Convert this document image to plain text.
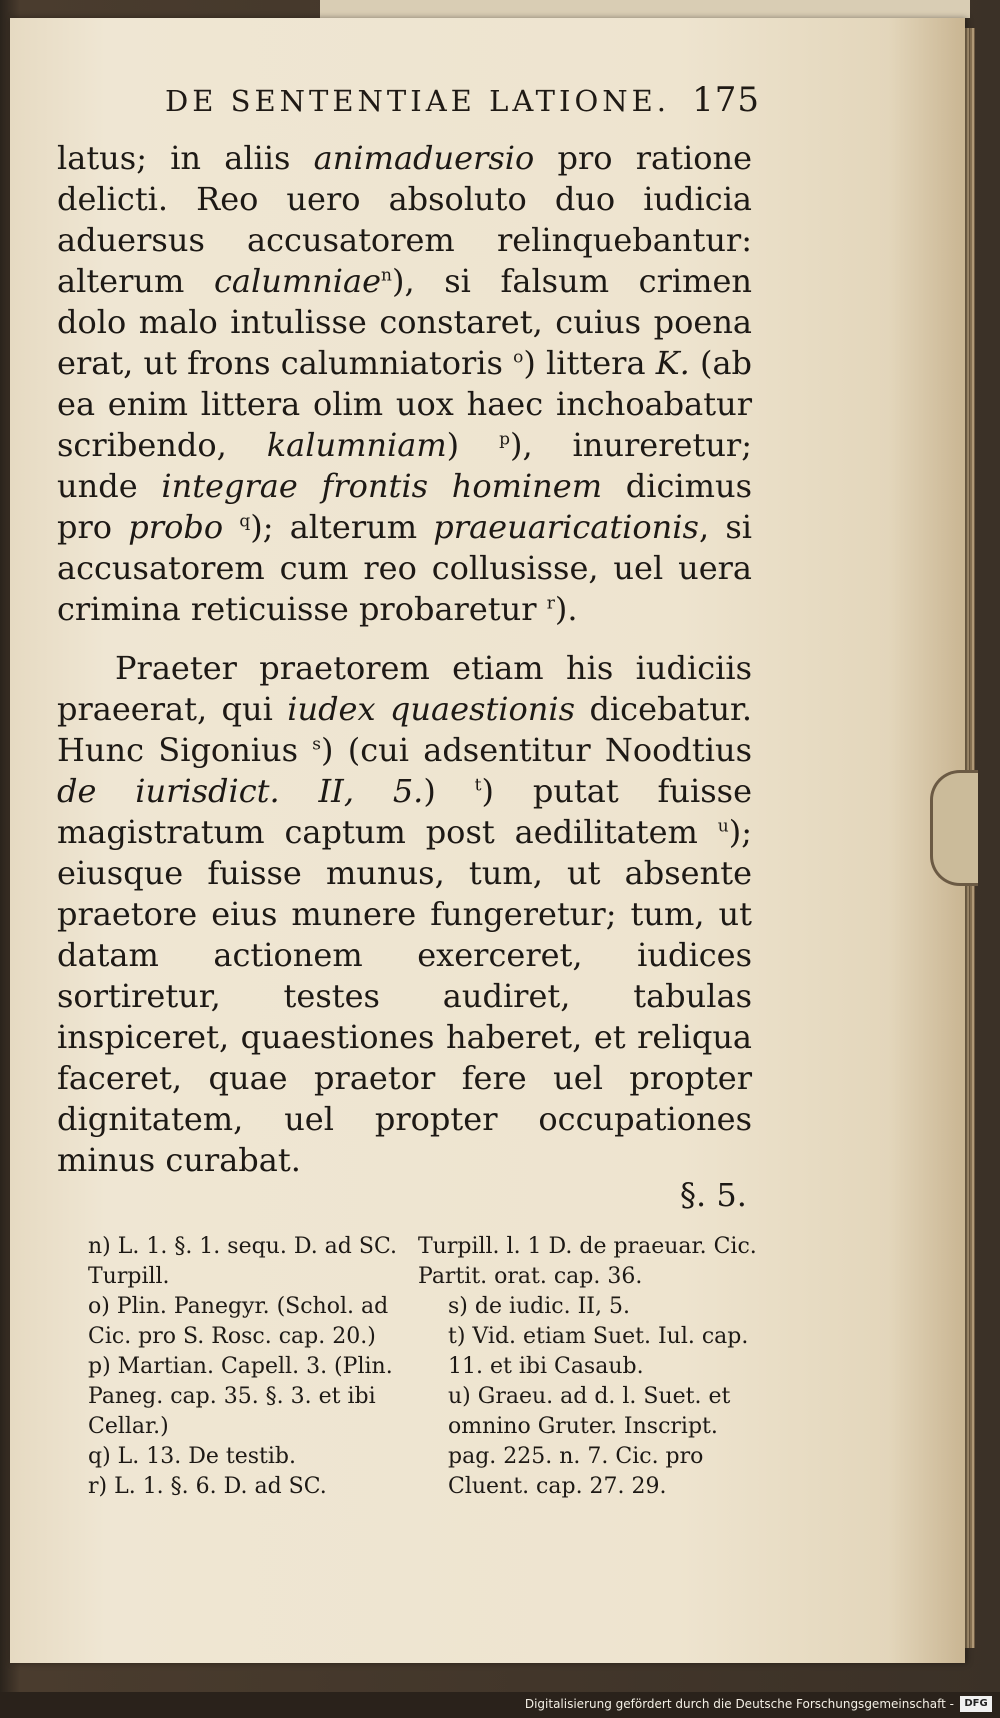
DE SENTENTIAE LATIONE. 175

latus; in aliis animaduersio pro ratione delicti. Reo uero absoluto duo iudicia aduersus accusatorem relinquebantur: alterum calumniae$^n$), si falsum crimen dolo malo intulisse constaret, cuius poena erat, ut frons calumniatoris $^o$) littera K. (ab ea enim littera olim uox haec inchoabatur scribendo, kalumniam) $^p$), inureretur; unde integrae frontis hominem dicimus pro probo $^q$); alterum praeuaricationis, si accusatorem cum reo collusisse, uel uera crimina reticuisse probaretur $^r$).

Praeter praetorem etiam his iudiciis praeerat, qui iudex quaestionis dicebatur. Hunc Sigonius $^s$) (cui adsentitur Noodtius de iurisdict. II, 5.) $^t$) putat fuisse magistratum captum post aedilitatem $^u$); eiusque fuisse munus, tum, ut absente praetore eius munere fungeretur; tum, ut datam actionem exerceret, iudices sortiretur, testes audiret, tabulas inspiceret, quaestiones haberet, et reliqua faceret, quae praetor fere uel propter dignitatem, uel propter occupationes minus curabat.

§. 5.
n) L. 1. §. 1. sequ. D. ad SC. Turpill.
o) Plin. Panegyr. (Schol. ad Cic. pro S. Rosc. cap. 20.)
p) Martian. Capell. 3. (Plin. Paneg. cap. 35. §. 3. et ibi Cellar.)
q) L. 13. De testib.
r) L. 1. §. 6. D. ad SC.
Turpill. l. 1 D. de praeuar. Cic. Partit. orat. cap. 36.
s) de iudic. II, 5.
t) Vid. etiam Suet. Iul. cap. 11. et ibi Casaub.
u) Graeu. ad d. l. Suet. et omnino Gruter. Inscript. pag. 225. n. 7. Cic. pro Cluent. cap. 27. 29.
Digitalisierung gefördert durch die Deutsche Forschungsgemeinschaft -	DFG
